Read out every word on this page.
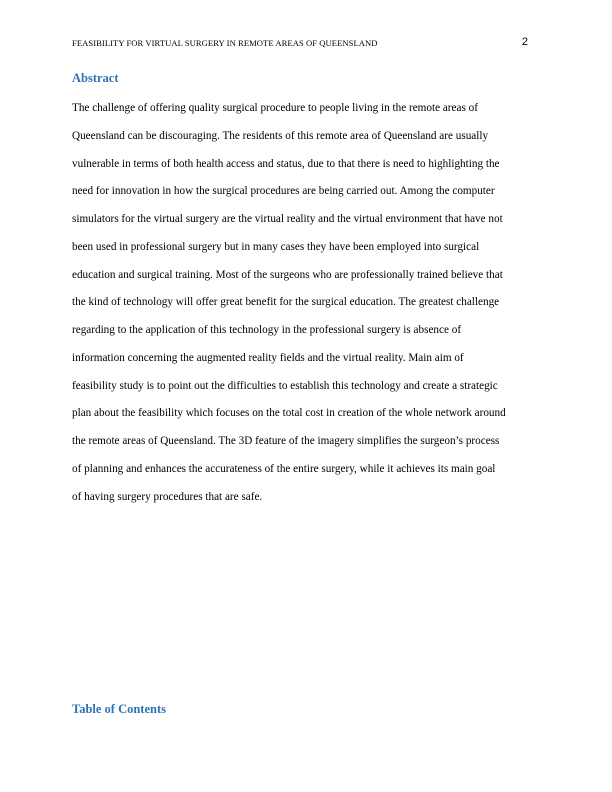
FEASIBILITY FOR VIRTUAL SURGERY IN REMOTE AREAS OF QUEENSLAND	2
Abstract

The challenge of offering quality surgical procedure to people living in the remote areas of
Queensland can be discouraging. The residents of this remote area of Queensland are usually
vulnerable in terms of both health access and status, due to that there is need to highlighting the
need for innovation in how the surgical procedures are being carried out. Among the computer
simulators for the virtual surgery are the virtual reality and the virtual environment that have not
been used in professional surgery but in many cases they have been employed into surgical
education and surgical training. Most of the surgeons who are professionally trained believe that
the kind of technology will offer great benefit for the surgical education. The greatest challenge
regarding to the application of this technology in the professional surgery is absence of
information concerning the augmented reality fields and the virtual reality. Main aim of
feasibility study is to point out the difficulties to establish this technology and create a strategic
plan about the feasibility which focuses on the total cost in creation of the whole network around
the remote areas of Queensland. The 3D feature of the imagery simplifies the surgeon’s process
of planning and enhances the accurateness of the entire surgery, while it achieves its main goal
of having surgery procedures that are safe.

Table of Contents
